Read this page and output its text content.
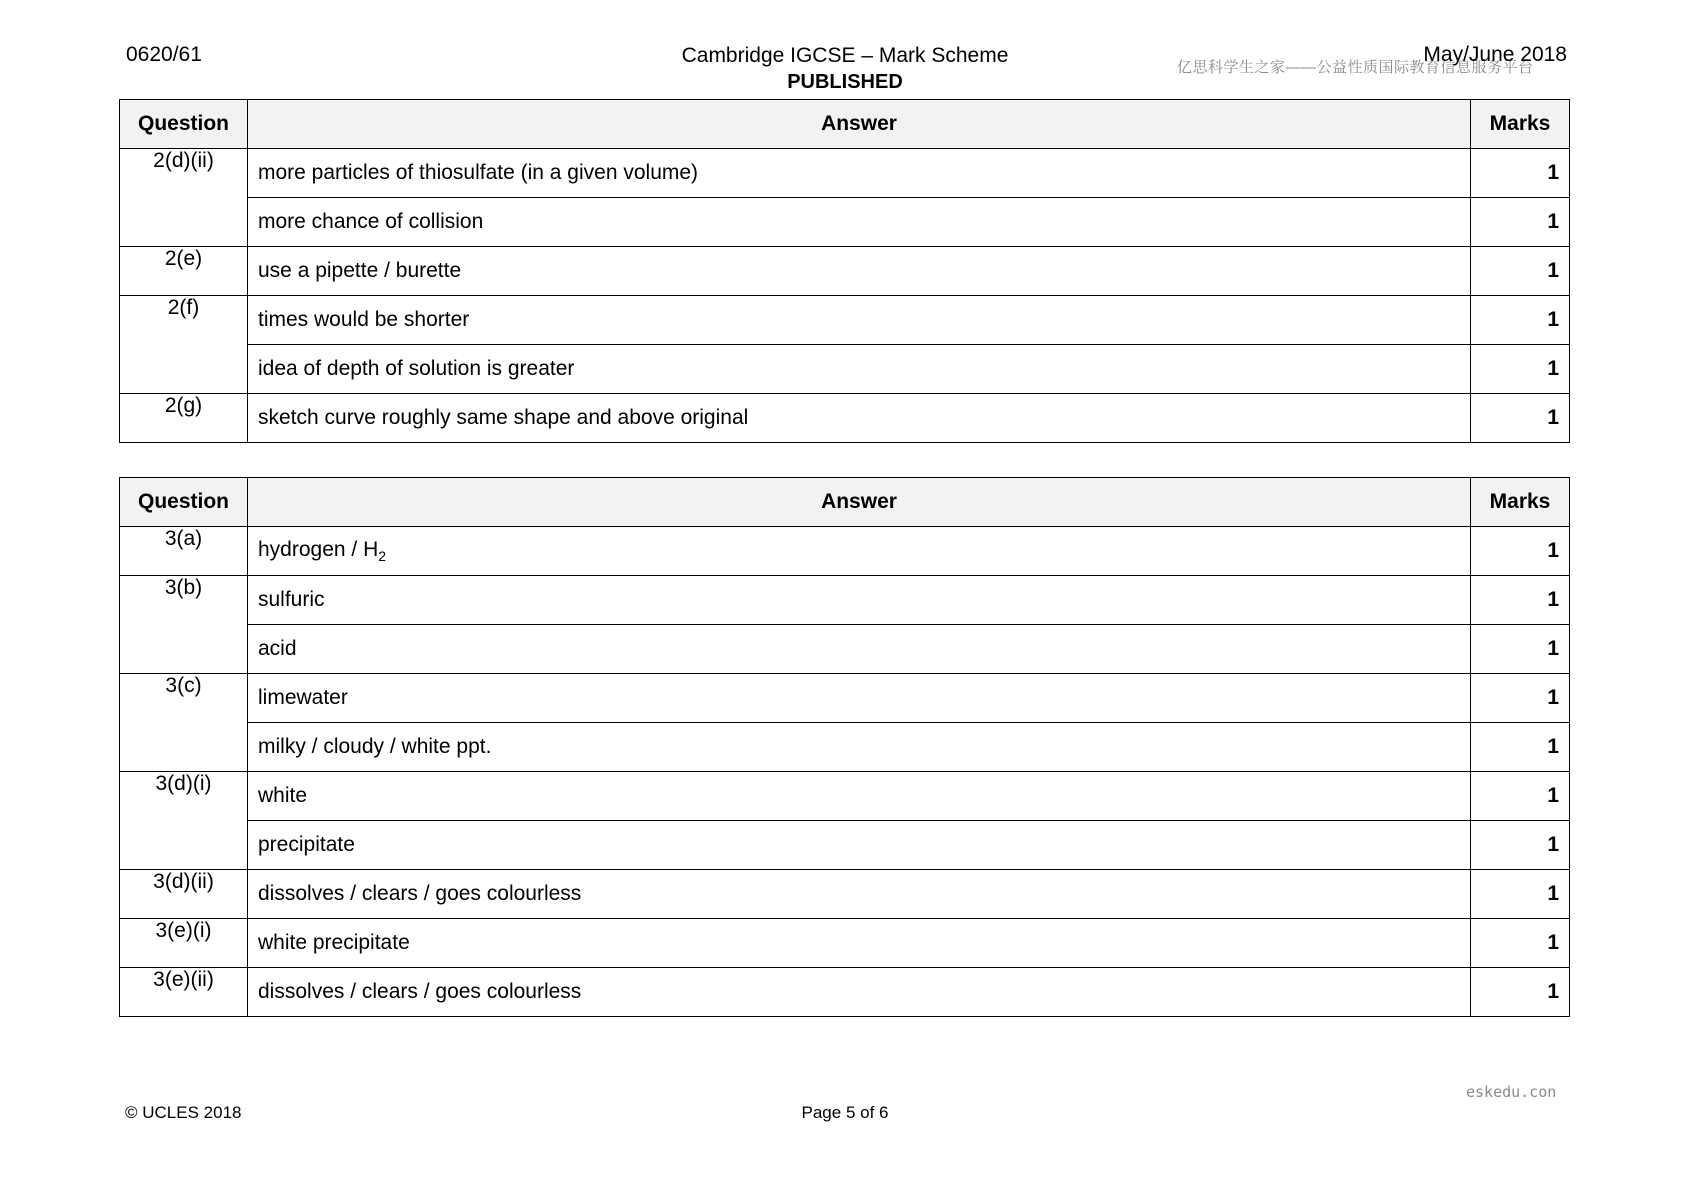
0620/61	Cambridge IGCSE – Mark Scheme
PUBLISHED
亿思科学生之家——公益性质国际教育信息服务平台
May/June 2018
Question	Answer	Marks
2(d)(ii)	more particles of thiosulfate (in a given volume)	1
	more chance of collision	1
2(e)	use a pipette / burette	1
2(f)	times would be shorter	1
	idea of depth of solution is greater	1
2(g)	sketch curve roughly same shape and above original	1
Question	Answer	Marks
3(a)	hydrogen / $H_2$	1
3(b)	sulfuric	1
	acid	1
3(c)	limewater	1
	milky / cloudy / white ppt.	1
3(d)(i)	white	1
	precipitate	1
3(d)(ii)	dissolves / clears / goes colourless	1
3(e)(i)	white precipitate	1
3(e)(ii)	dissolves / clears / goes colourless	1
eskedu.con
© UCLES 2018	Page 5 of 6
